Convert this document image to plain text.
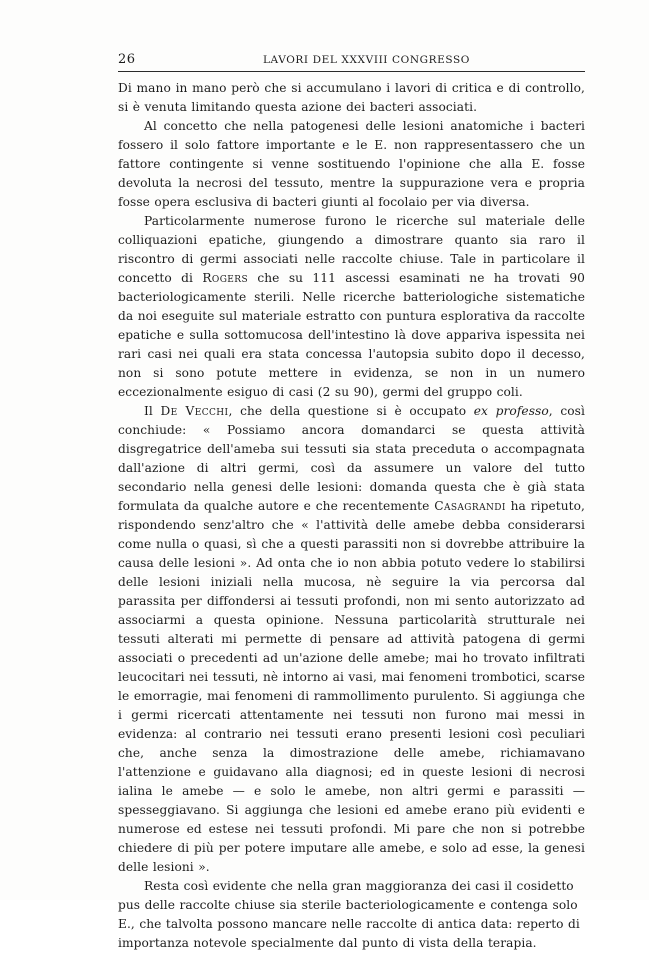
26	LAVORI DEL XXXVIII CONGRESSO

Di mano in mano però che si accumulano i lavori di critica e di controllo, si è venuta limitando questa azione dei bacteri associati.

Al concetto che nella patogenesi delle lesioni anatomiche i bacteri fossero il solo fattore importante e le E. non rappresentassero che un fattore contingente si venne sostituendo l'opinione che alla E. fosse devoluta la necrosi del tessuto, mentre la suppurazione vera e propria fosse opera esclusiva di bacteri giunti al focolaio per via diversa.

Particolarmente numerose furono le ricerche sul materiale delle colliquazioni epatiche, giungendo a dimostrare quanto sia raro il riscontro di germi associati nelle raccolte chiuse. Tale in particolare il concetto di Rogers che su 111 ascessi esaminati ne ha trovati 90 bacteriologicamente sterili. Nelle ricerche batteriologiche sistematiche da noi eseguite sul materiale estratto con puntura esplorativa da raccolte epatiche e sulla sottomucosa dell'intestino là dove appariva ispessita nei rari casi nei quali era stata concessa l'autopsia subito dopo il decesso, non si sono potute mettere in evidenza, se non in un numero eccezionalmente esiguo di casi (2 su 90), germi del gruppo coli.

Il De Vecchi, che della questione si è occupato ex professo, così conchiude: « Possiamo ancora domandarci se questa attività disgregatrice dell'ameba sui tessuti sia stata preceduta o accompagnata dall'azione di altri germi, così da assumere un valore del tutto secondario nella genesi delle lesioni: domanda questa che è già stata formulata da qualche autore e che recentemente Casagrandi ha ripetuto, rispondendo senz'altro che « l'attività delle amebe debba considerarsi come nulla o quasi, sì che a questi parassiti non si dovrebbe attribuire la causa delle lesioni ». Ad onta che io non abbia potuto vedere lo stabilirsi delle lesioni iniziali nella mucosa, nè seguire la via percorsa dal parassita per diffondersi ai tessuti profondi, non mi sento autorizzato ad associarmi a questa opinione. Nessuna particolarità strutturale nei tessuti alterati mi permette di pensare ad attività patogena di germi associati o precedenti ad un'azione delle amebe; mai ho trovato infiltrati leucocitari nei tessuti, nè intorno ai vasi, mai fenomeni trombotici, scarse le emorragie, mai fenomeni di rammollimento purulento. Si aggiunga che i germi ricercati attentamente nei tessuti non furono mai messi in evidenza: al contrario nei tessuti erano presenti lesioni così peculiari che, anche senza la dimostrazione delle amebe, richiamavano l'attenzione e guidavano alla diagnosi; ed in queste lesioni di necrosi ialina le amebe — e solo le amebe, non altri germi e parassiti — spesseggiavano. Si aggiunga che lesioni ed amebe erano più evidenti e numerose ed estese nei tessuti profondi. Mi pare che non si potrebbe chiedere di più per potere imputare alle amebe, e solo ad esse, la genesi delle lesioni ».

Resta così evidente che nella gran maggioranza dei casi il cosidetto pus delle raccolte chiuse sia sterile bacteriologicamente e contenga solo E., che talvolta possono mancare nelle raccolte di antica data: reperto di importanza notevole specialmente dal punto di vista della terapia.
